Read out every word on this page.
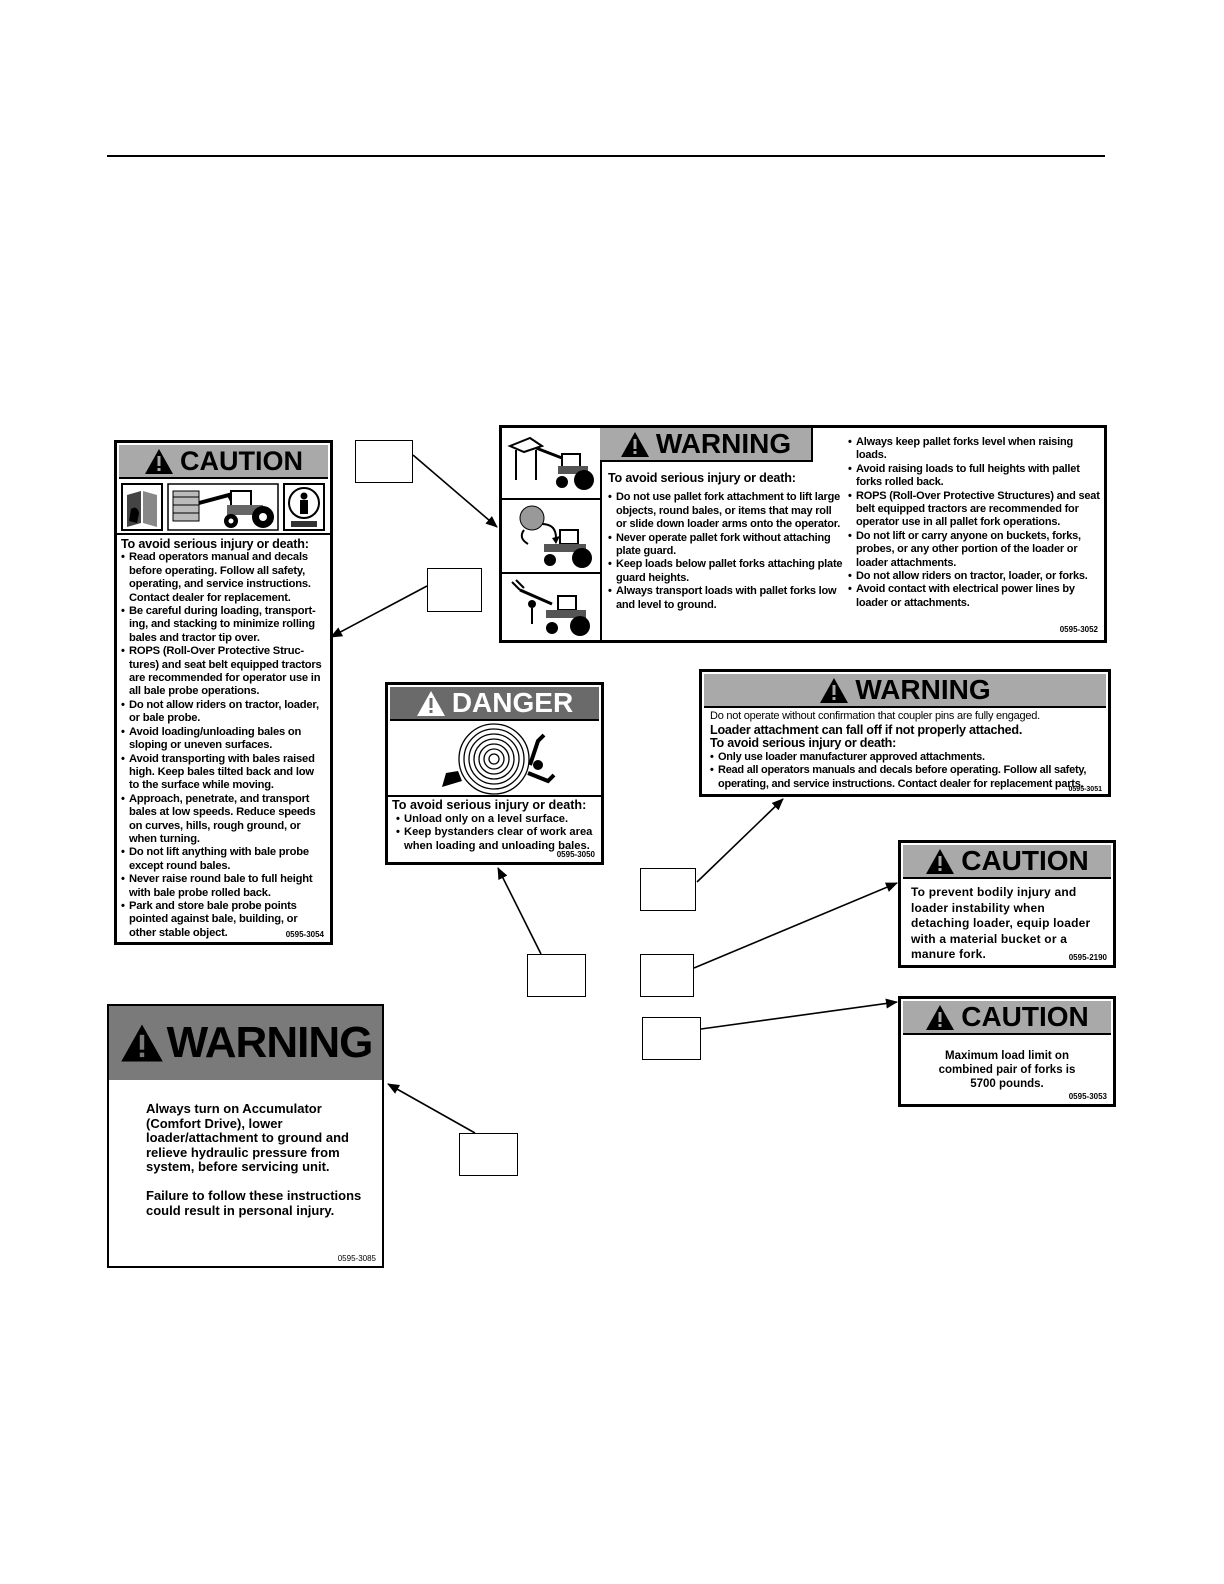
CAUTION
To avoid serious injury or death:
• Read operators manual and decals before operating. Follow all safety, operating, and service instructions. Contact dealer for replacement.
• Be careful during loading, transport-ing, and stacking to minimize rolling bales and tractor tip over.
• ROPS (Roll-Over Protective Struc-tures) and seat belt equipped tractors are recommended for operator use in all bale probe operations.
• Do not allow riders on tractor, loader, or bale probe.
• Avoid loading/unloading bales on sloping or uneven surfaces.
• Avoid transporting with bales raised high. Keep bales tilted back and low to the surface while moving.
• Approach, penetrate, and transport bales at low speeds. Reduce speeds on curves, hills, rough ground, or when turning.
• Do not lift anything with bale probe except round bales.
• Never raise round bale to full height with bale probe rolled back.
• Park and store bale probe points pointed against bale, building, or other stable object.	0595-3054
WARNING
To avoid serious injury or death:
• Do not use pallet fork attachment to lift large objects, round bales, or items that may roll or slide down loader arms onto the operator.
• Never operate pallet fork without attaching plate guard.
• Keep loads below pallet forks attaching plate guard heights.
• Always transport loads with pallet forks low and level to ground.
• Always keep pallet forks level when raising loads.
• Avoid raising loads to full heights with pallet forks rolled back.
• ROPS (Roll-Over Protective Structures) and seat belt equipped tractors are recommended for operator use in all pallet fork operations.
• Do not lift or carry anyone on buckets, forks, probes, or any other portion of the loader or loader attachments.
• Do not allow riders on tractor, loader, or forks.
• Avoid contact with electrical power lines by loader or attachments.
0595-3052
DANGER
To avoid serious injury or death:
• Unload only on a level surface.
• Keep bystanders clear of work area when loading and unloading bales.
0595-3050
WARNING
Do not operate without confirmation that coupler pins are fully engaged.
Loader attachment can fall off if not properly attached.
To avoid serious injury or death:
• Only use loader manufacturer approved attachments.
• Read all operators manuals and decals before operating. Follow all safety, operating, and service instructions. Contact dealer for replacement parts.
0595-3051
CAUTION
To prevent bodily injury and loader instability when detaching loader, equip loader with a material bucket or a manure fork.	0595-2190
CAUTION
Maximum load limit on combined pair of forks is 5700 pounds.
0595-3053
WARNING
Always turn on Accumulator (Comfort Drive), lower loader/attachment to ground and relieve hydraulic pressure from system, before servicing unit.
Failure to follow these instructions could result in personal injury.
0595-3085
